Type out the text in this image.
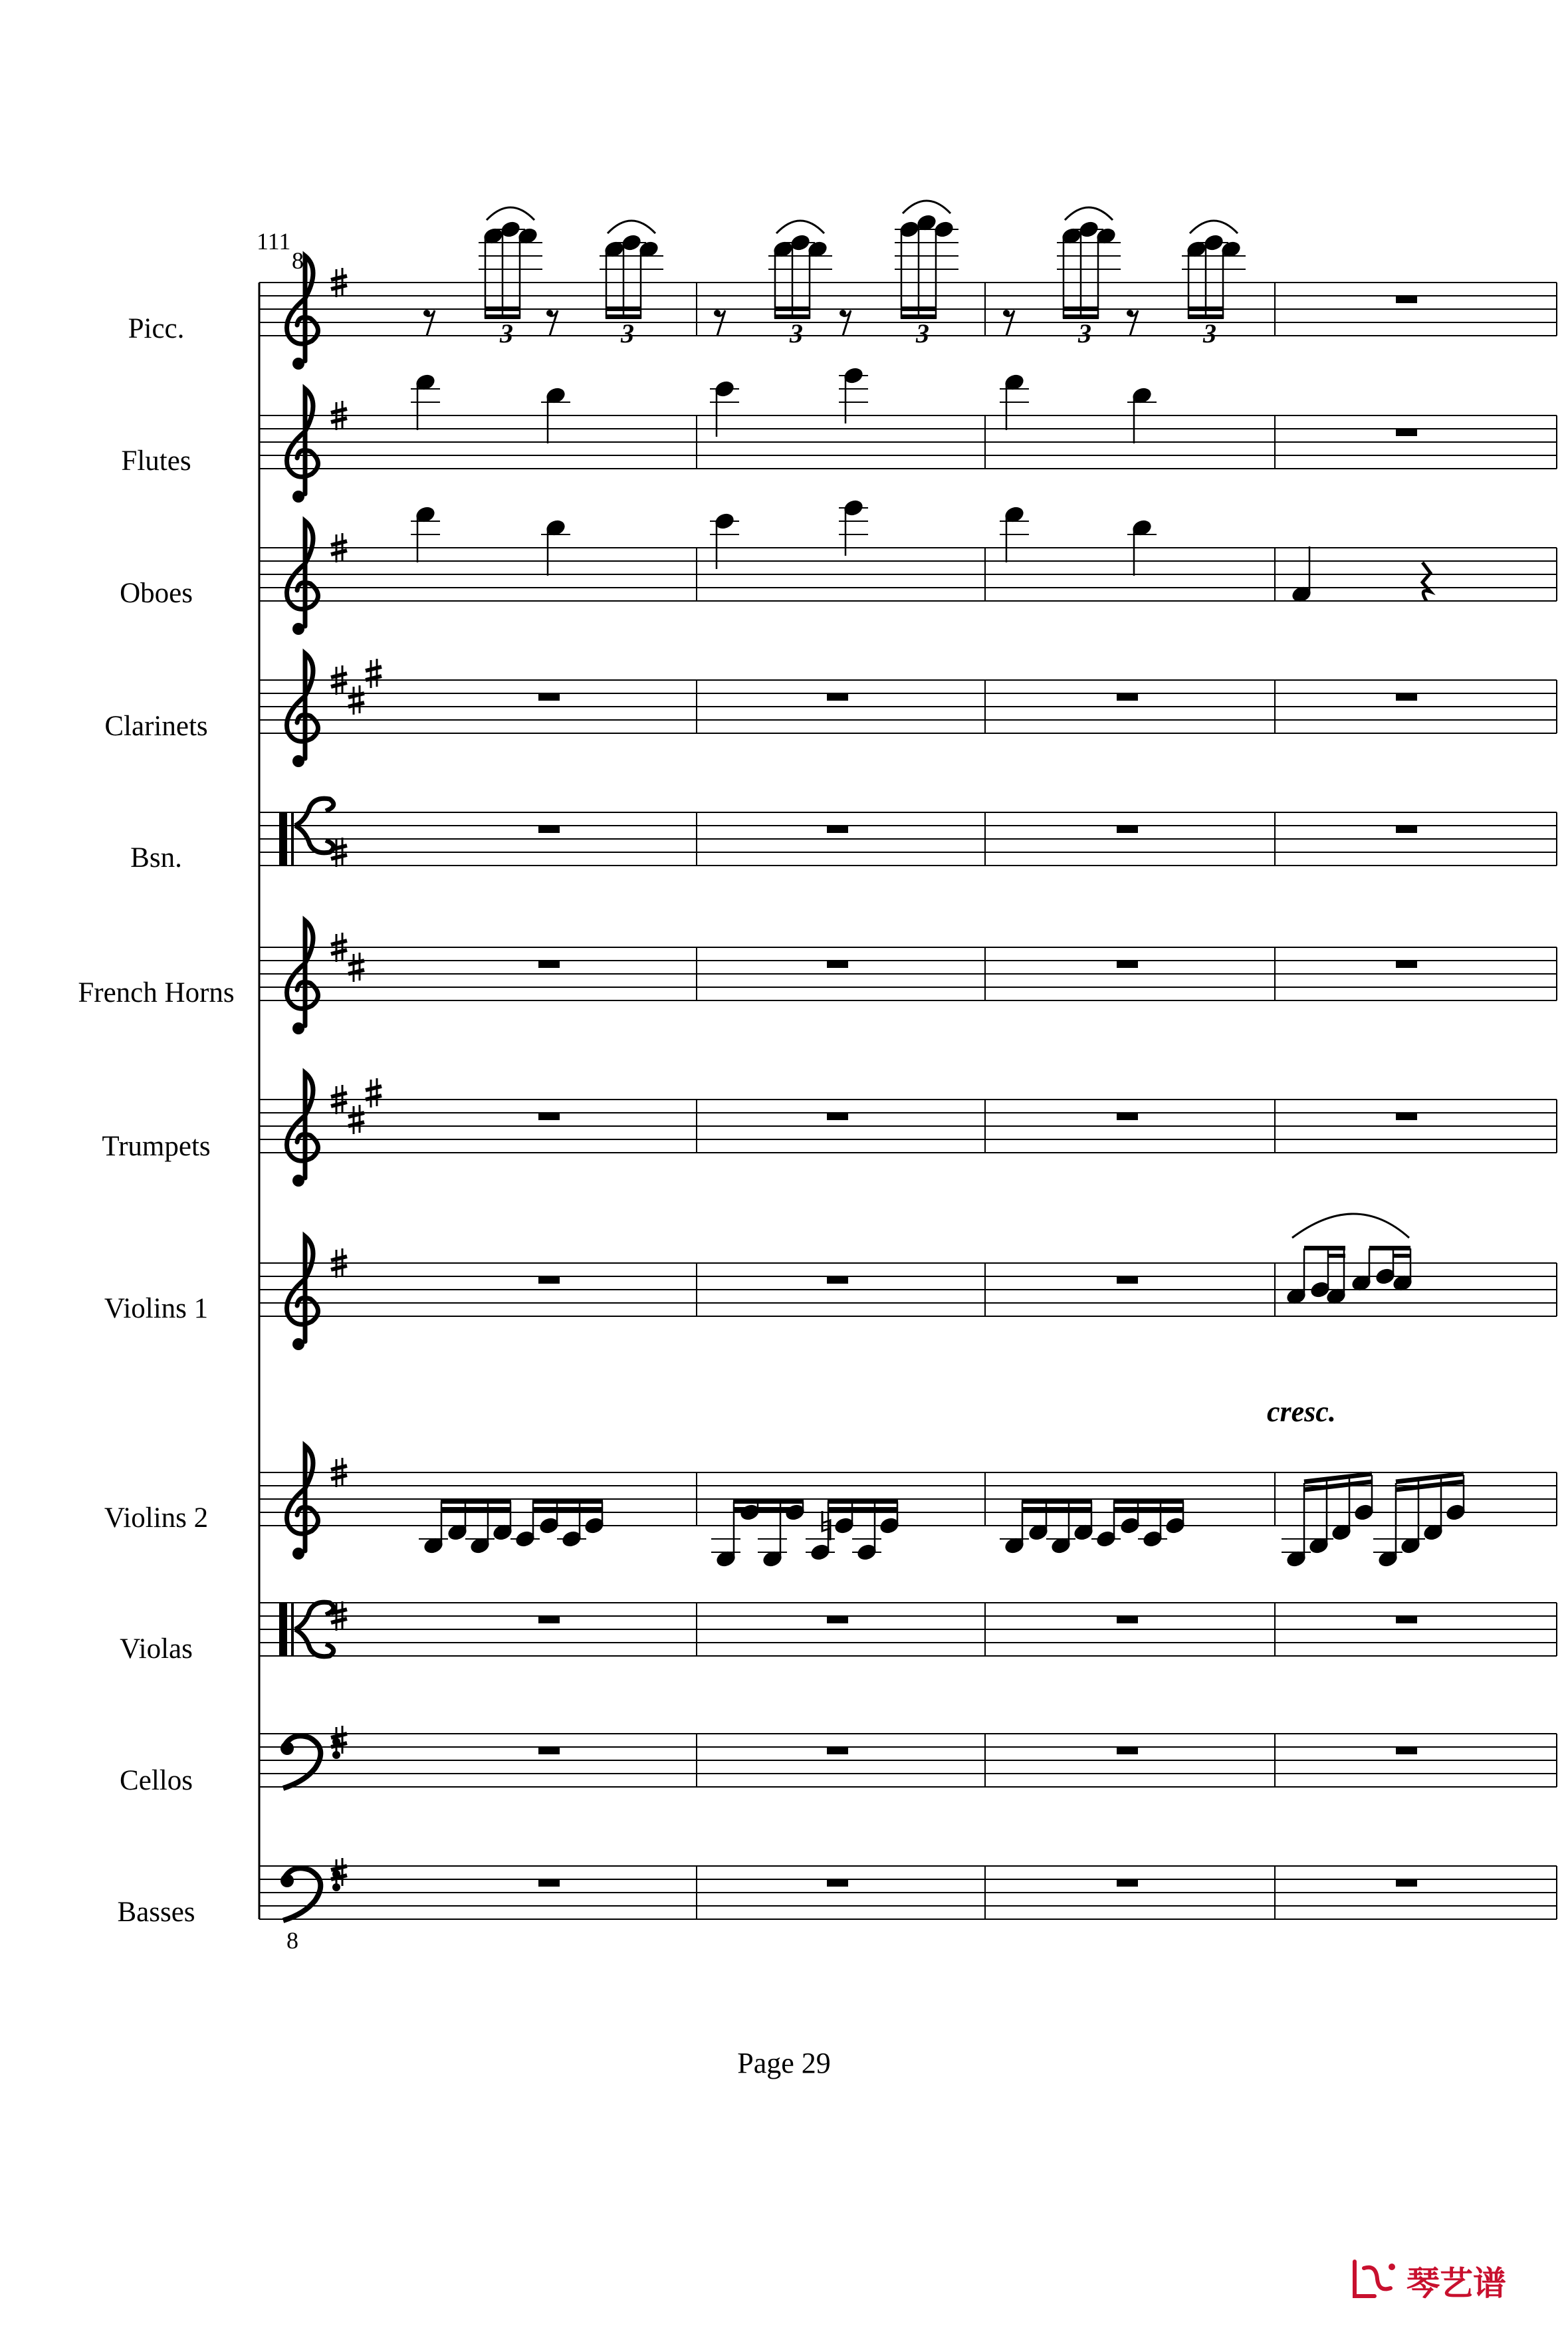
8
8
Picc.
Flutes
Oboes
Clarinets
Bsn.
French Horns
Trumpets
Violins 1
Violins 2
Violas
Cellos
Basses
3	3	3	3	3	3
111
cresc.
Page 29
琴艺谱
